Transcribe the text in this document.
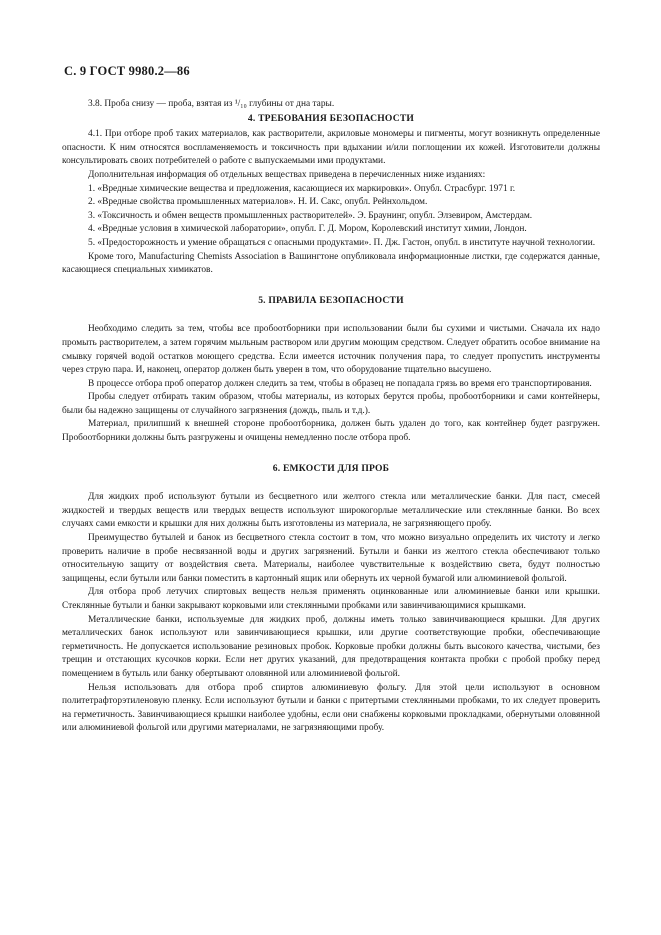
С. 9 ГОСТ 9980.2—86

3.8. Проба снизу — проба, взятая из ¹/₁₀ глубины от дна тары.

4. ТРЕБОВАНИЯ БЕЗОПАСНОСТИ

4.1. При отборе проб таких материалов, как растворители, акриловые мономеры и пигменты, могут возникнуть определенные опасности. К ним относятся воспламеняемость и токсичность при вдыхании и/или поглощении их кожей. Изготовители должны консультировать своих потребителей о работе с выпускаемыми ими продуктами.

Дополнительная информация об отдельных веществах приведена в перечисленных ниже изданиях:

1. «Вредные химические вещества и предложения, касающиеся их маркировки». Опубл. Страсбург. 1971 г.

2. «Вредные свойства промышленных материалов». Н. И. Сакс, опубл. Рейнхольдом.

3. «Токсичность и обмен веществ промышленных растворителей». Э. Браунинг, опубл. Элзевиром, Амстердам.

4. «Вредные условия в химической лаборатории», опубл. Г. Д. Мором, Королевский институт химии, Лондон.

5. «Предосторожность и умение обращаться с опасными продуктами». П. Дж. Гастон, опубл. в институте научной технологии.

Кроме того, Manufacturing Chemists Association в Вашингтоне опубликовала информационные листки, где содержатся данные, касающиеся специальных химикатов.

5. ПРАВИЛА БЕЗОПАСНОСТИ

Необходимо следить за тем, чтобы все пробоотборники при использовании были бы сухими и чистыми. Сначала их надо промыть растворителем, а затем горячим мыльным раствором или другим моющим средством. Следует обратить особое внимание на смывку горячей водой остатков моющего средства. Если имеется источник получения пара, то следует пропустить инструменты через струю пара. И, наконец, оператор должен быть уверен в том, что оборудование тщательно высушено.

В процессе отбора проб оператор должен следить за тем, чтобы в образец не попадала грязь во время его транспортирования.

Пробы следует отбирать таким образом, чтобы материалы, из которых берутся пробы, пробоотборники и сами контейнеры, были бы надежно защищены от случайного загрязнения (дождь, пыль и т.д.).

Материал, прилипший к внешней стороне пробоотборника, должен быть удален до того, как контейнер будет разгружен. Пробоотборники должны быть разгружены и очищены немедленно после отбора проб.

6. ЕМКОСТИ ДЛЯ ПРОБ

Для жидких проб используют бутыли из бесцветного или желтого стекла или металлические банки. Для паст, смесей жидкостей и твердых веществ или твердых веществ используют широкогорлые металлические или стеклянные банки. Во всех случаях сами емкости и крышки для них должны быть изготовлены из материала, не загрязняющего пробу.

Преимущество бутылей и банок из бесцветного стекла состоит в том, что можно визуально определить их чистоту и легко проверить наличие в пробе несвязанной воды и других загрязнений. Бутыли и банки из желтого стекла обеспечивают только относительную защиту от воздействия света. Материалы, наиболее чувствительные к воздействию света, будут полностью защищены, если бутыли или банки поместить в картонный ящик или обернуть их черной бумагой или алюминиевой фольгой.

Для отбора проб летучих спиртовых веществ нельзя применять оцинкованные или алюминиевые банки или крышки. Стеклянные бутыли и банки закрывают корковыми или стеклянными пробками или завинчивающимися крышками.

Металлические банки, используемые для жидких проб, должны иметь только завинчивающиеся крышки. Для других металлических банок используют или завинчивающиеся крышки, или другие соответствующие пробки, обеспечивающие герметичность. Не допускается использование резиновых пробок. Корковые пробки должны быть высокого качества, чистыми, без трещин и отстающих кусочков корки. Если нет других указаний, для предотвращения контакта пробки с пробой пробку перед помещением в бутыль или банку обертывают оловянной или алюминиевой фольгой.

Нельзя использовать для отбора проб спиртов алюминиевую фольгу. Для этой цели используют в основном политетрафторэтиленовую пленку. Если используют бутыли и банки с притертыми стеклянными пробками, то их следует проверить на герметичность. Завинчивающиеся крышки наиболее удобны, если они снабжены корковыми прокладками, обернутыми оловянной или алюминиевой фольгой или другими материалами, не загрязняющими пробу.
